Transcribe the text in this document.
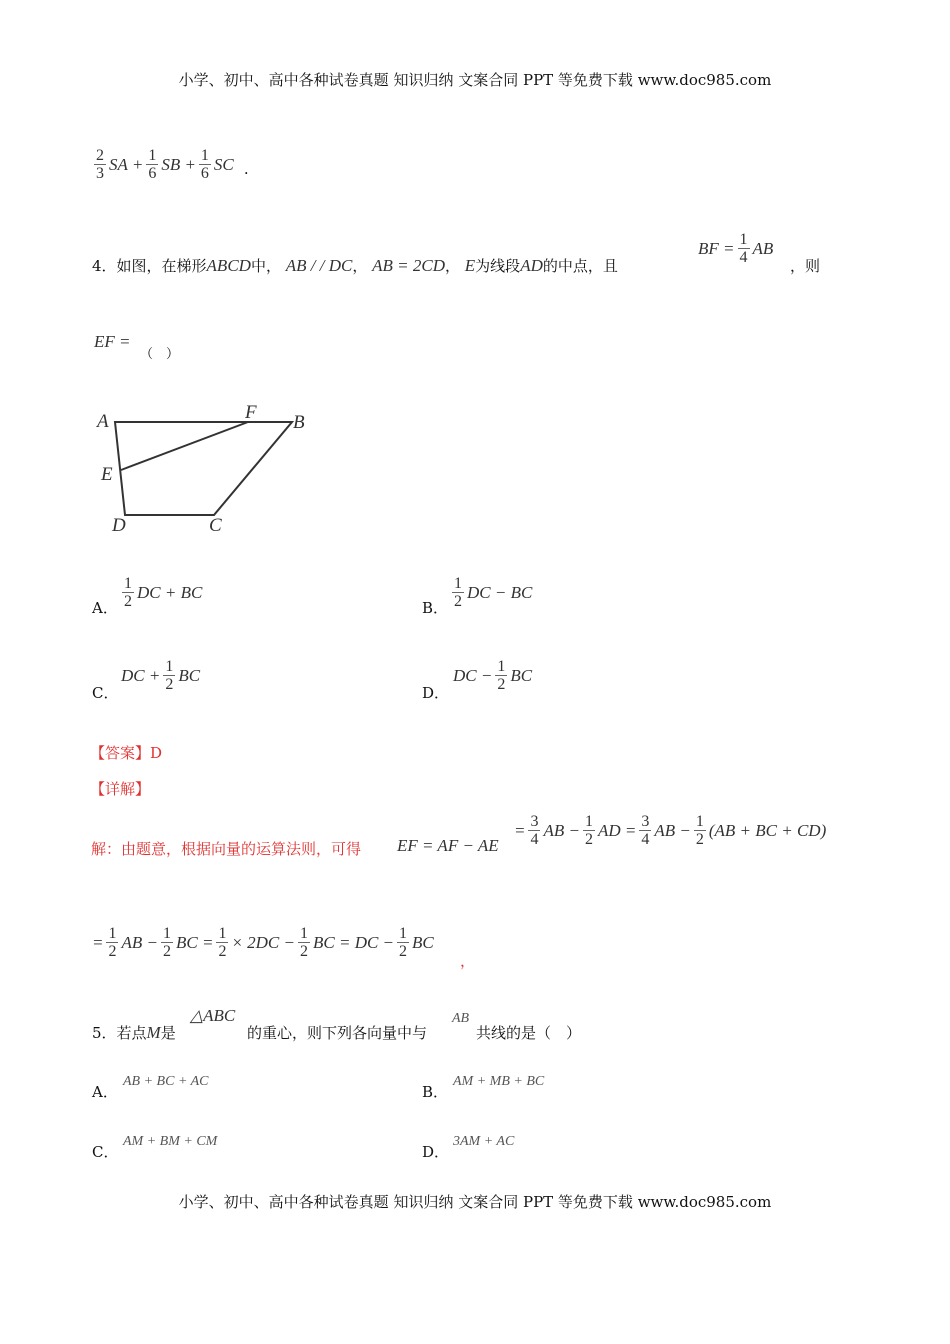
小学、初中、高中各种试卷真题 知识归纳 文案合同 PPT 等免费下载 www.doc985.com
$\frac{2}{3}$ SA + $\frac{1}{6}$ SB + $\frac{1}{6}$ SC .
4．如图，在梯形ABCD中， AB / / DC， AB = 2CD， E为线段AD的中点，且
BF = $\frac{1}{4}$ AB
，则
EF =
（　）
A	F B
E
D	C
A． $\frac{1}{2}$ DC + BC
B． $\frac{1}{2}$ DC − BC
C．
DC + $\frac{1}{2}$ BC
D．
DC − $\frac{1}{2}$ BC
【答案】D
【详解】
解：由题意，根据向量的运算法则，可得 EF = AF − AE
= $\frac{3}{4}$ AB − $\frac{1}{2}$ AD = $\frac{3}{4}$ AB − $\frac{1}{2} (AB$ + BC + CD)
= $\frac{1}{2}$ AB − $\frac{1}{2}$ BC = $\frac{1}{2} \times 2DC - \frac{1}{2}$ BC = DC − $\frac{1}{2}$ BC
，
5．若点M是
△ABC
的重心，则下列各向量中与
AB
共线的是（　）
A．
AB + BC + AC
B．
AM + MB + BC
C．
AM + BM + CM
D．
3AM + AC
小学、初中、高中各种试卷真题 知识归纳 文案合同 PPT 等免费下载 www.doc985.com
